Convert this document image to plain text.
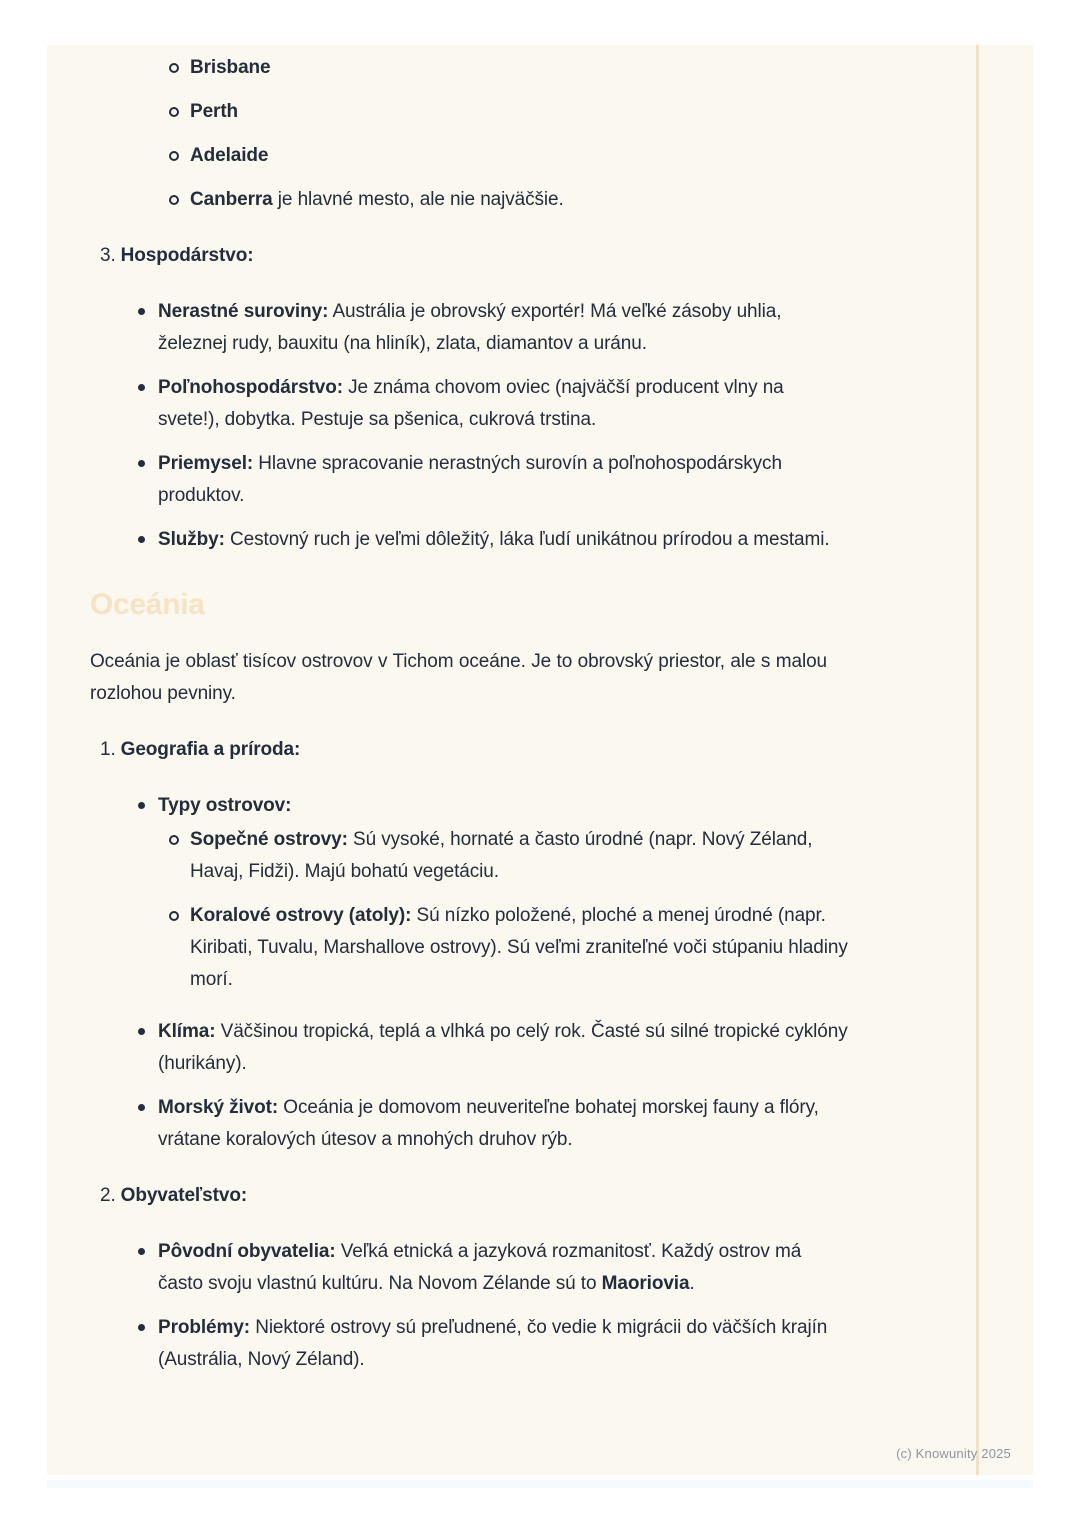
Brisbane
Perth
Adelaide
Canberra je hlavné mesto, ale nie najväčšie.
3. Hospodárstvo:
Nerastné suroviny: Austrália je obrovský exportér! Má veľké zásoby uhlia, železnej rudy, bauxitu (na hliník), zlata, diamantov a uránu.
Poľnohospodárstvo: Je známa chovom oviec (najväčší producent vlny na svete!), dobytka. Pestuje sa pšenica, cukrová trstina.
Priemysel: Hlavne spracovanie nerastných surovín a poľnohospodárskych produktov.
Služby: Cestovný ruch je veľmi dôležitý, láka ľudí unikátnou prírodou a mestami.
Oceánia

Oceánia je oblasť tisícov ostrovov v Tichom oceáne. Je to obrovský priestor, ale s malou rozlohou pevniny.

1. Geografia a príroda:
Typy ostrovov:
Sopečné ostrovy: Sú vysoké, hornaté a často úrodné (napr. Nový Zéland, Havaj, Fidži). Majú bohatú vegetáciu.
Koralové ostrovy (atoly): Sú nízko položené, ploché a menej úrodné (napr. Kiribati, Tuvalu, Marshallove ostrovy). Sú veľmi zraniteľné voči stúpaniu hladiny morí.
Klíma: Väčšinou tropická, teplá a vlhká po celý rok. Časté sú silné tropické cyklóny (hurikány).
Morský život: Oceánia je domovom neuveriteľne bohatej morskej fauny a flóry, vrátane koralových útesov a mnohých druhov rýb.
2. Obyvateľstvo:
Pôvodní obyvatelia: Veľká etnická a jazyková rozmanitosť. Každý ostrov má často svoju vlastnú kultúru. Na Novom Zélande sú to Maoriovia.
Problémy: Niektoré ostrovy sú preľudnené, čo vedie k migrácii do väčších krajín (Austrália, Nový Zéland).
(c) Knowunity 2025
